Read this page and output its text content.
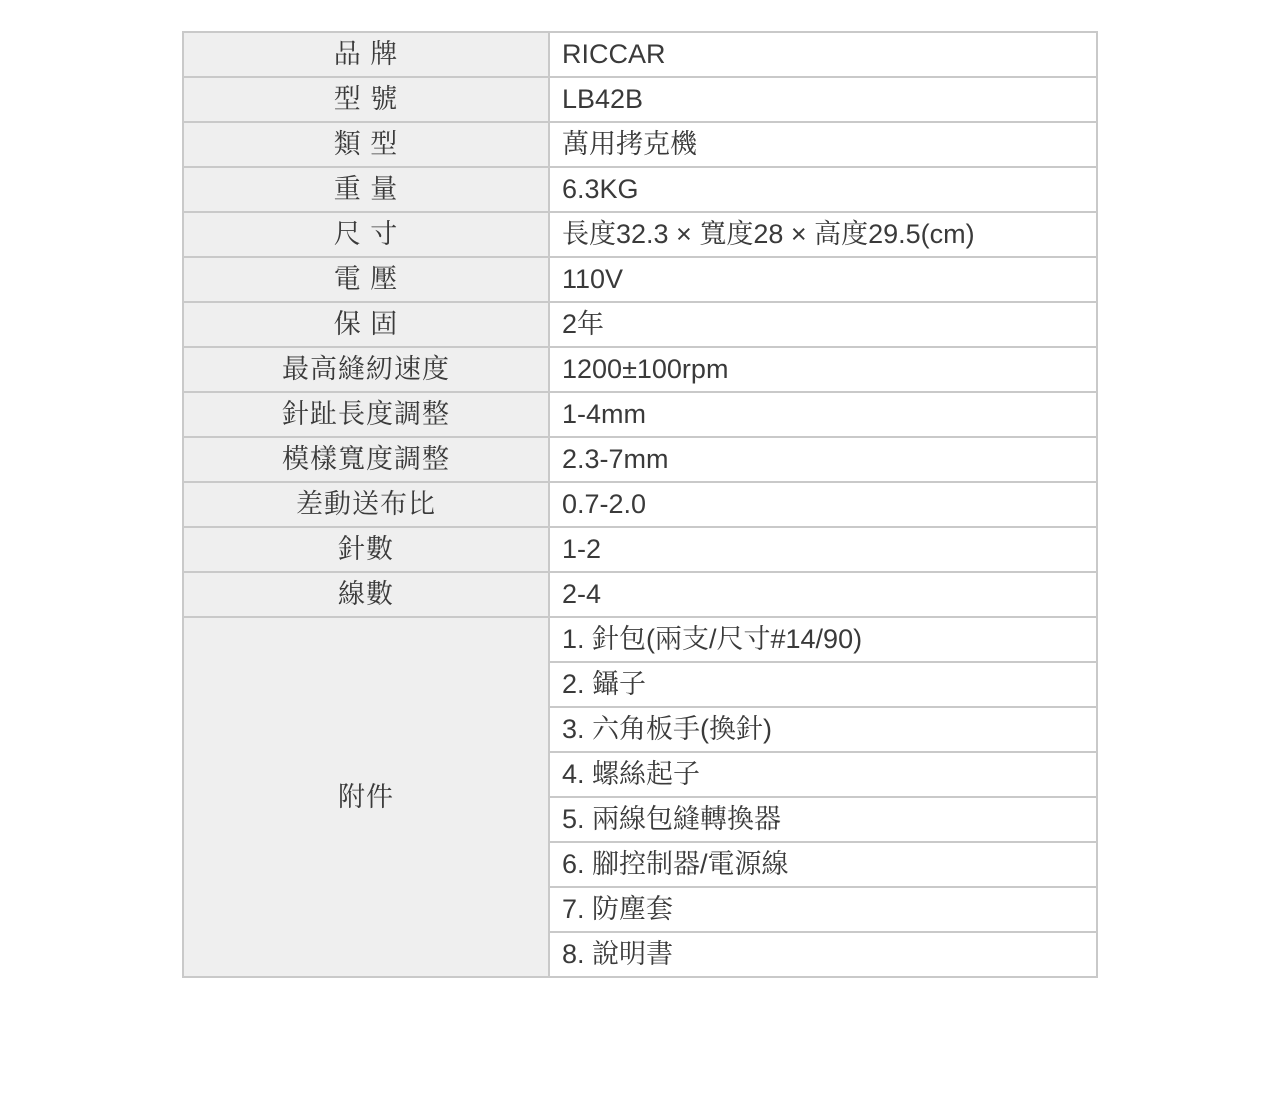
品 牌	RICCAR
型 號	LB42B
類 型	萬用拷克機
重 量	6.3KG
尺 寸	長度32.3 × 寬度28 × 高度29.5(cm)
電 壓	110V
保 固	2年
最高縫紉速度	1200±100rpm
針趾長度調整	1-4mm
模樣寬度調整	2.3-7mm
差動送布比	0.7-2.0
針數	1-2
線數	2-4
附件	1. 針包(兩支/尺寸#14/90)
	2. 鑷子
	3. 六角板手(換針)
	4. 螺絲起子
	5. 兩線包縫轉換器
	6. 腳控制器/電源線
	7. 防塵套
	8. 說明書
